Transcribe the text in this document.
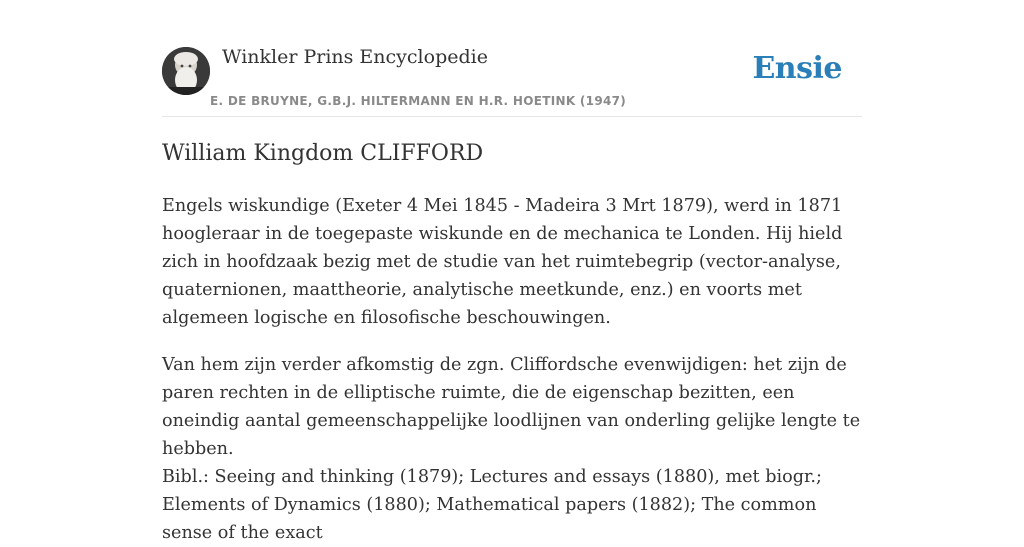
Winkler Prins Encyclopedie
E. DE BRUYNE, G.B.J. HILTERMANN EN H.R. HOETINK (1947)
Ensie
William Kingdom CLIFFORD

Engels wiskundige (Exeter 4 Mei 1845 - Madeira 3 Mrt 1879), werd in 1871 hoogleraar in de toegepaste wiskunde en de mechanica te Londen. Hij hield zich in hoofdzaak bezig met de studie van het ruimtebegrip (vector-analyse, quaternionen, maattheorie, analytische meetkunde, enz.) en voorts met algemeen logische en filosofische beschouwingen.

Van hem zijn verder afkomstig de zgn. Cliffordsche evenwijdigen: het zijn de paren rechten in de elliptische ruimte, die de eigenschap bezitten, een oneindig aantal gemeenschappelijke loodlijnen van onderling gelijke lengte te hebben.

Bibl.: Seeing and thinking (1879); Lectures and essays (1880), met biogr.; Elements of Dynamics (1880); Mathematical papers (1882); The common sense of the exact
